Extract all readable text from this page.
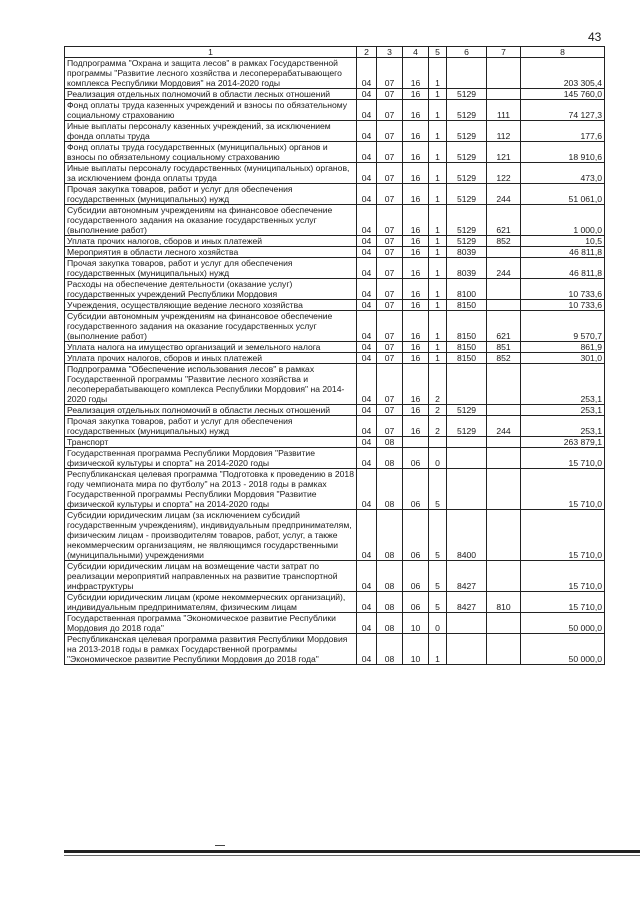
43
1	2	3	4	5	6	7	8
Подпрограмма "Охрана и защита лесов" в рамках Государственной программы "Развитие лесного хозяйства и лесоперерабатывающего комплекса Республики Мордовия" на 2014-2020 годы	04	07	16	1			203 305,4
Реализация отдельных полномочий в области лесных отношений	04	07	16	1	5129		145 760,0
Фонд оплаты труда казенных учреждений и взносы по обязательному социальному страхованию	04	07	16	1	5129	111	74 127,3
Иные выплаты персоналу казенных учреждений, за исключением фонда оплаты труда	04	07	16	1	5129	112	177,6
Фонд оплаты труда государственных (муниципальных) органов и взносы по обязательному социальному страхованию	04	07	16	1	5129	121	18 910,6
Иные выплаты персоналу государственных (муниципальных) органов, за исключением фонда оплаты труда	04	07	16	1	5129	122	473,0
Прочая закупка товаров, работ и услуг для обеспечения государственных (муниципальных) нужд	04	07	16	1	5129	244	51 061,0
Субсидии автономным учреждениям на финансовое обеспечение государственного задания на оказание государственных услуг (выполнение работ)	04	07	16	1	5129	621	1 000,0
Уплата прочих налогов, сборов и иных платежей	04	07	16	1	5129	852	10,5
Мероприятия в области лесного хозяйства	04	07	16	1	8039		46 811,8
Прочая закупка товаров, работ и услуг для обеспечения государственных (муниципальных) нужд	04	07	16	1	8039	244	46 811,8
Расходы на обеспечение деятельности (оказание услуг) государственных учреждений Республики Мордовия	04	07	16	1	8100		10 733,6
Учреждения, осуществляющие ведение лесного хозяйства	04	07	16	1	8150		10 733,6
Субсидии автономным учреждениям на финансовое обеспечение государственного задания на оказание государственных услуг (выполнение работ)	04	07	16	1	8150	621	9 570,7
Уплата налога на имущество организаций и земельного налога	04	07	16	1	8150	851	861,9
Уплата прочих налогов, сборов и иных платежей	04	07	16	1	8150	852	301,0
Подпрограмма "Обеспечение использования лесов" в рамках Государственной программы "Развитие лесного хозяйства и лесоперерабатывающего комплекса Республики Мордовия" на 2014-2020 годы	04	07	16	2			253,1
Реализация отдельных полномочий в области лесных отношений	04	07	16	2	5129		253,1
Прочая закупка товаров, работ и услуг для обеспечения государственных (муниципальных) нужд	04	07	16	2	5129	244	253,1
Транспорт	04	08					263 879,1
Государственная программа Республики Мордовия "Развитие физической культуры и спорта" на 2014-2020 годы	04	08	06	0			15 710,0
Республиканская целевая программа "Подготовка к проведению в 2018 году чемпионата мира по футболу" на 2013 - 2018 годы в рамках Государственной программы Республики Мордовия "Развитие физической культуры и спорта" на 2014-2020 годы	04	08	06	5			15 710,0
Субсидии юридическим лицам (за исключением субсидий государственным учреждениям), индивидуальным предпринимателям, физическим лицам - производителям товаров, работ, услуг, а также некоммерческим организациям, не являющимся государственными (муниципальными) учреждениями	04	08	06	5	8400		15 710,0
Субсидии юридическим лицам на возмещение части затрат по реализации мероприятий направленных на развитие транспортной инфраструктуры	04	08	06	5	8427		15 710,0
Субсидии юридическим лицам (кроме некоммерческих организаций), индивидуальным предпринимателям, физическим лицам	04	08	06	5	8427	810	15 710,0
Государственная программа "Экономическое развитие Республики Мордовия до 2018 года"	04	08	10	0			50 000,0
Республиканская целевая программа развития Республики Мордовия на 2013-2018 годы в рамках Государственной программы "Экономическое развитие Республики Мордовия до 2018 года"	04	08	10	1			50 000,0
